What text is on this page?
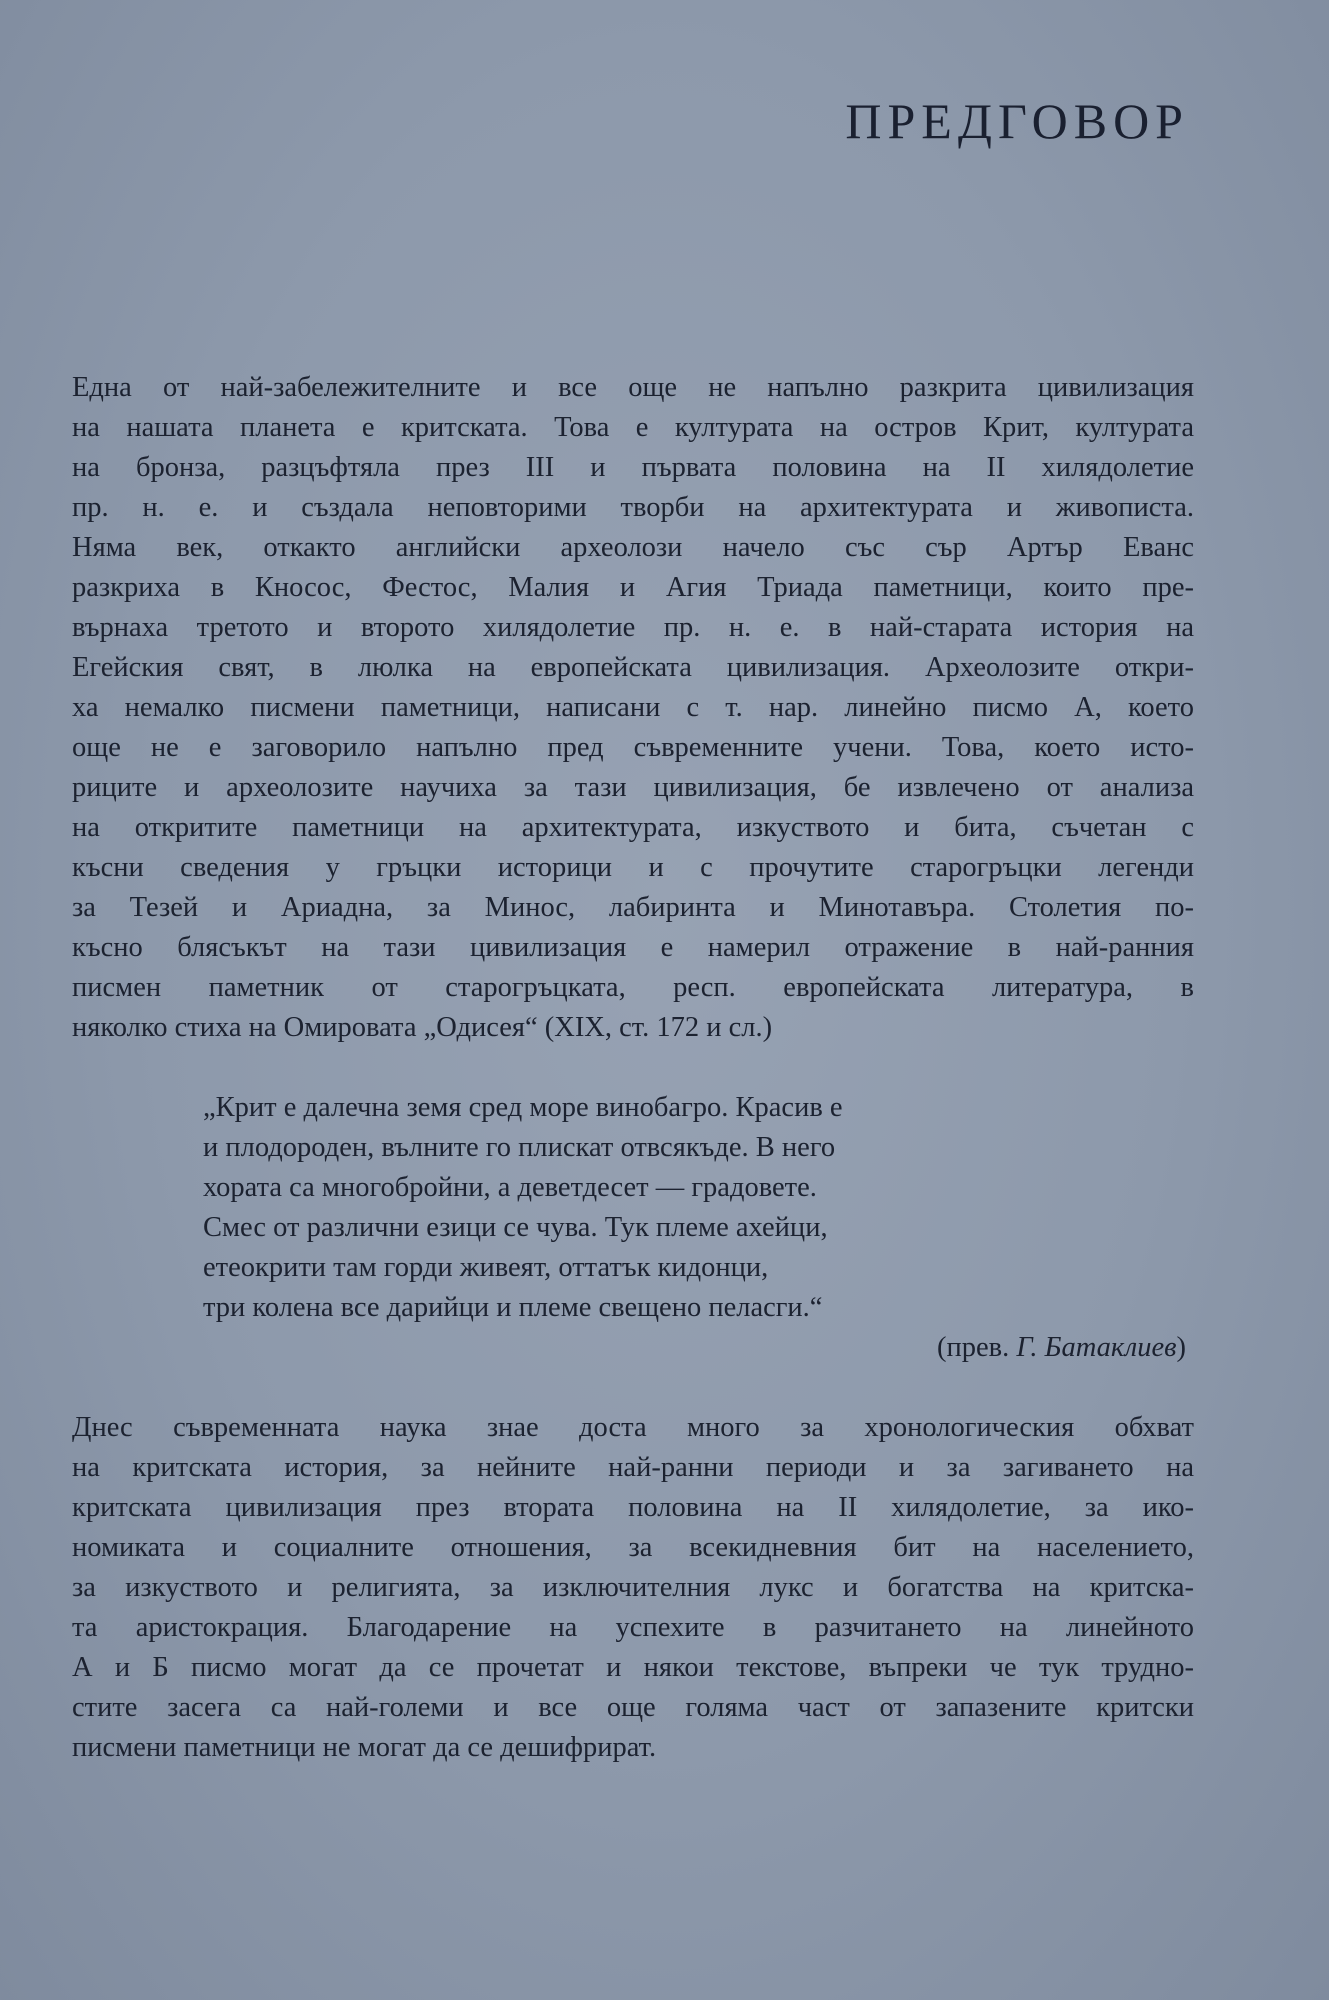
ПРЕДГОВОР
Една от най-забележителните и все още не напълно разкрита цивилизация
на нашата планета е критската. Това е културата на остров Крит, културата
на бронза, разцъфтяла през III и първата половина на II хилядолетие
пр. н. е. и създала неповторими творби на архитектурата и живописта.
Няма век, откакто английски археолози начело със сър Артър Еванс
разкриха в Кносос, Фестос, Малия и Агия Триада паметници, които пре-
върнаха третото и второто хилядолетие пр. н. е. в най-старата история на
Егейския свят, в люлка на европейската цивилизация. Археолозите откри-
ха немалко писмени паметници, написани с т. нар. линейно писмо А, което
още не е заговорило напълно пред съвременните учени. Това, което исто-
риците и археолозите научиха за тази цивилизация, бе извлечено от анализа
на откритите паметници на архитектурата, изкуството и бита, съчетан с
късни сведения у гръцки историци и с прочутите старогръцки легенди
за Тезей и Ариадна, за Минос, лабиринта и Минотавъра. Столетия по-
късно блясъкът на тази цивилизация е намерил отражение в най-ранния
писмен паметник от старогръцката, респ. европейската литература, в
няколко стиха на Омировата „Одисея“ (XIX, ст. 172 и сл.)
„Крит е далечна земя сред море винобагро. Красив е
и плодороден, вълните го плискат отвсякъде. В него
хората са многобройни, а деветдесет — градовете.
Смес от различни езици се чува. Тук племе ахейци,
етеокрити там горди живеят, оттатък кидонци,
три колена все дарийци и племе свещено пеласги.“
(прев. Г. Батаклиев)
Днес съвременната наука знае доста много за хронологическия обхват
на критската история, за нейните най-ранни периоди и за загиването на
критската цивилизация през втората половина на II хилядолетие, за ико-
номиката и социалните отношения, за всекидневния бит на населението,
за изкуството и религията, за изключителния лукс и богатства на критска-
та аристокрация. Благодарение на успехите в разчитането на линейното
А и Б писмо могат да се прочетат и някои текстове, въпреки че тук трудно-
стите засега са най-големи и все още голяма част от запазените критски
писмени паметници не могат да се дешифрират.
